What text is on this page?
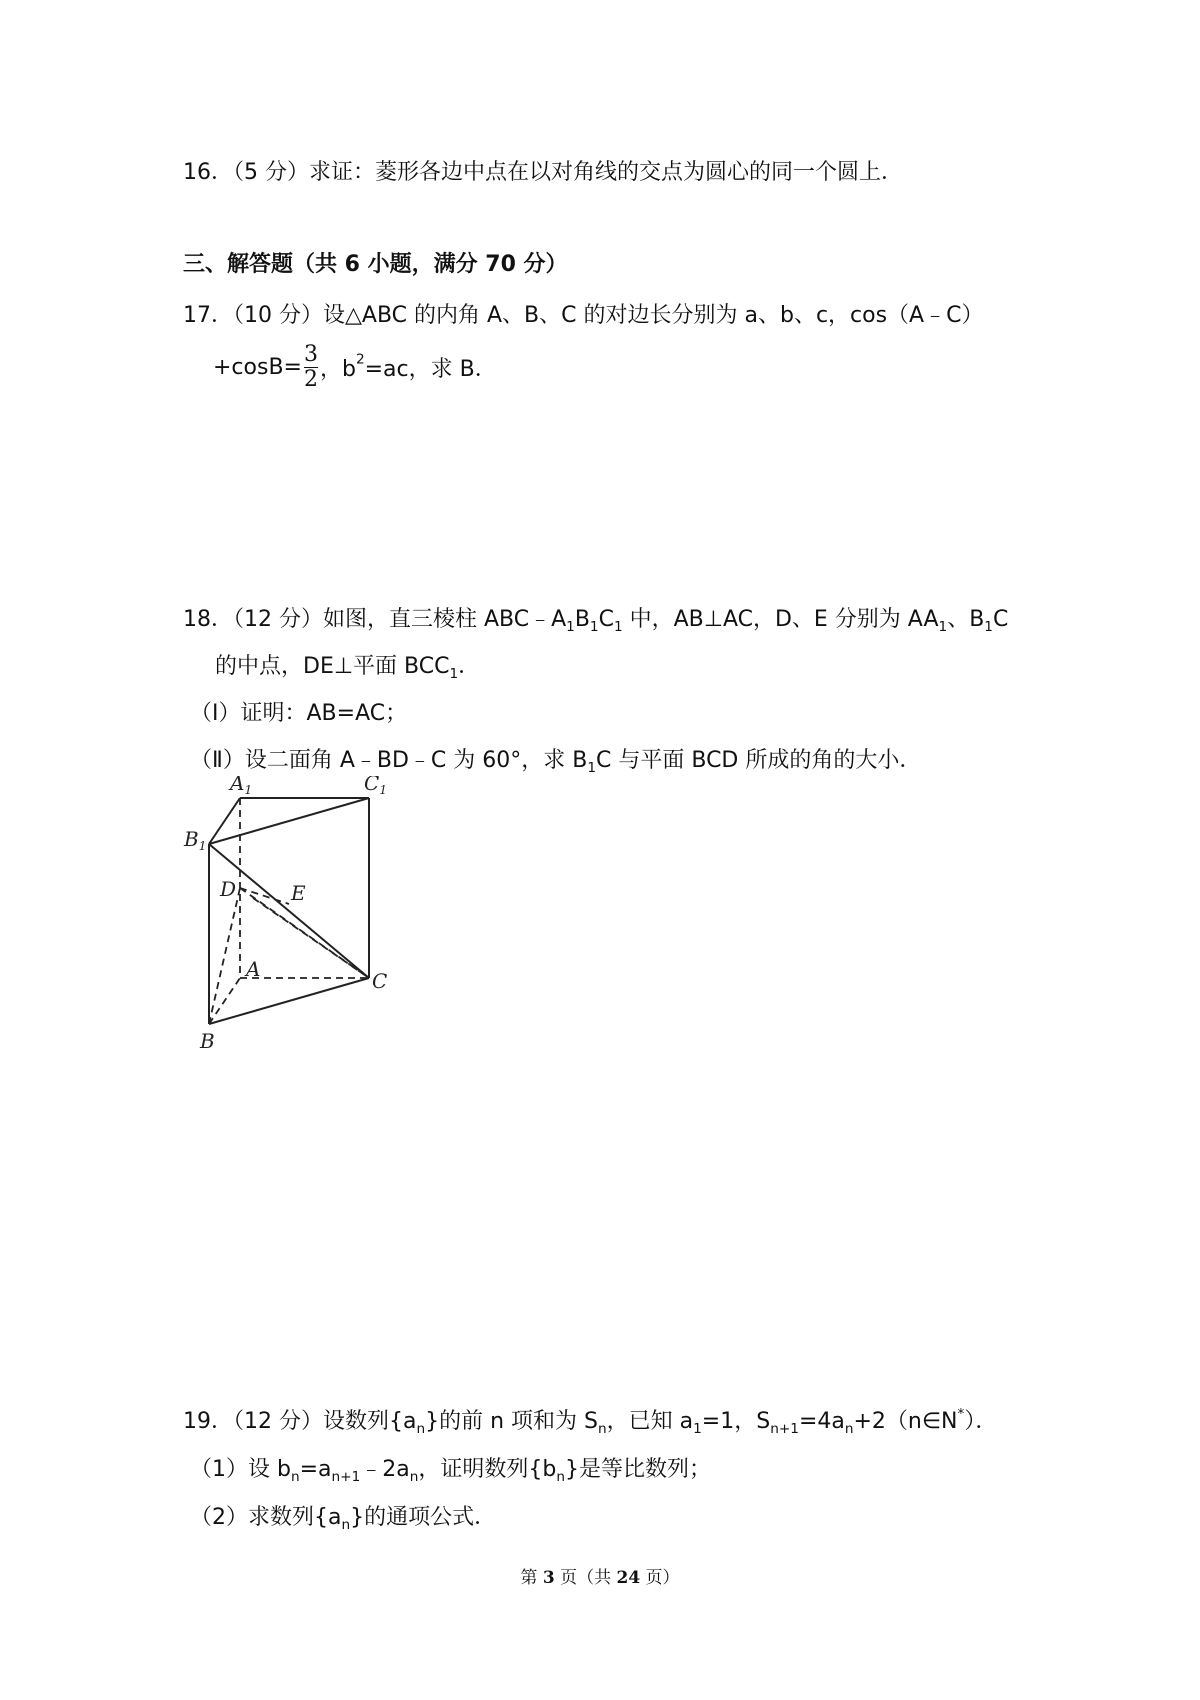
16．（5 分）求证：菱形各边中点在以对角线的交点为圆心的同一个圆上．
三、解答题（共 6 小题，满分 70 分）
17．（10 分）设△ABC 的内角 A、B、C 的对边长分别为 a、b、c，cos（A﹣C）
$+\cos B= \frac{3}{2}$ ，$b^2=ac$，求 B．
18．（12 分）如图，直三棱柱 $ABC﹣A_1B_1C_1$ 中，AB⊥AC，D、E 分别为 $AA_1$、$B_1C$
的中点，DE⊥平面 $BCC_1$．
（Ⅰ）证明：AB=AC；
（Ⅱ）设二面角 A﹣BD﹣C 为 60°，求 $B_1C$ 与平面 BCD 所成的角的大小．
$A_1$	$C_1$
$B_1$
D	E
A	C
B
19．（12 分）设数列$\{a_n\}$的前 n 项和为 $S_n$，已知 $a_1=1$，$S_{n+1}=4a_n+2(n\in N^*)$．
（1）设 $b_n=a_{n+1}﹣2a_n$，证明数列$\{b_n\}$是等比数列；
（2）求数列$\{a_n\}$的通项公式．
第 3 页（共 24 页）
